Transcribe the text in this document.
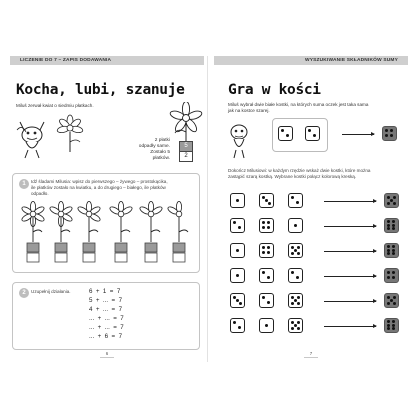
LICZENIE DO 7 – ZAPIS DODAWANIA
Kocha, lubi, szanuje
Miluś zerwał kwiat o siedmiu płatkach.
2 płatki
odpadły same.
Zostało 5
płatków.
5
2
1	Idź śladami Milusia: wpisz do pierwszego – żywego – prostokącika,
ile płatków zostało na kwiatku, a do drugiego – białego, ile płatków
odpadło.
2	Uzupełnij działania.	6  +  1  =  7
5  +  ...  =  7
4  +  ...  =  7
...  +  ...  =  7
...  +  ...  =  7
...  +  6  =  7
6
WYSZUKIWANIE SKŁADNIKÓW SUMY
Gra w kości
Miluś wybrał dwie białe kostki, na których suma oczek jest taka sama
jak na kostce szarej.
Dokończ Milusiowi: w każdym rzędzie wskaż dwie kostki, które można
zastąpić szarą kostką. Wybrane kostki połącz kolorową kreską.
7
